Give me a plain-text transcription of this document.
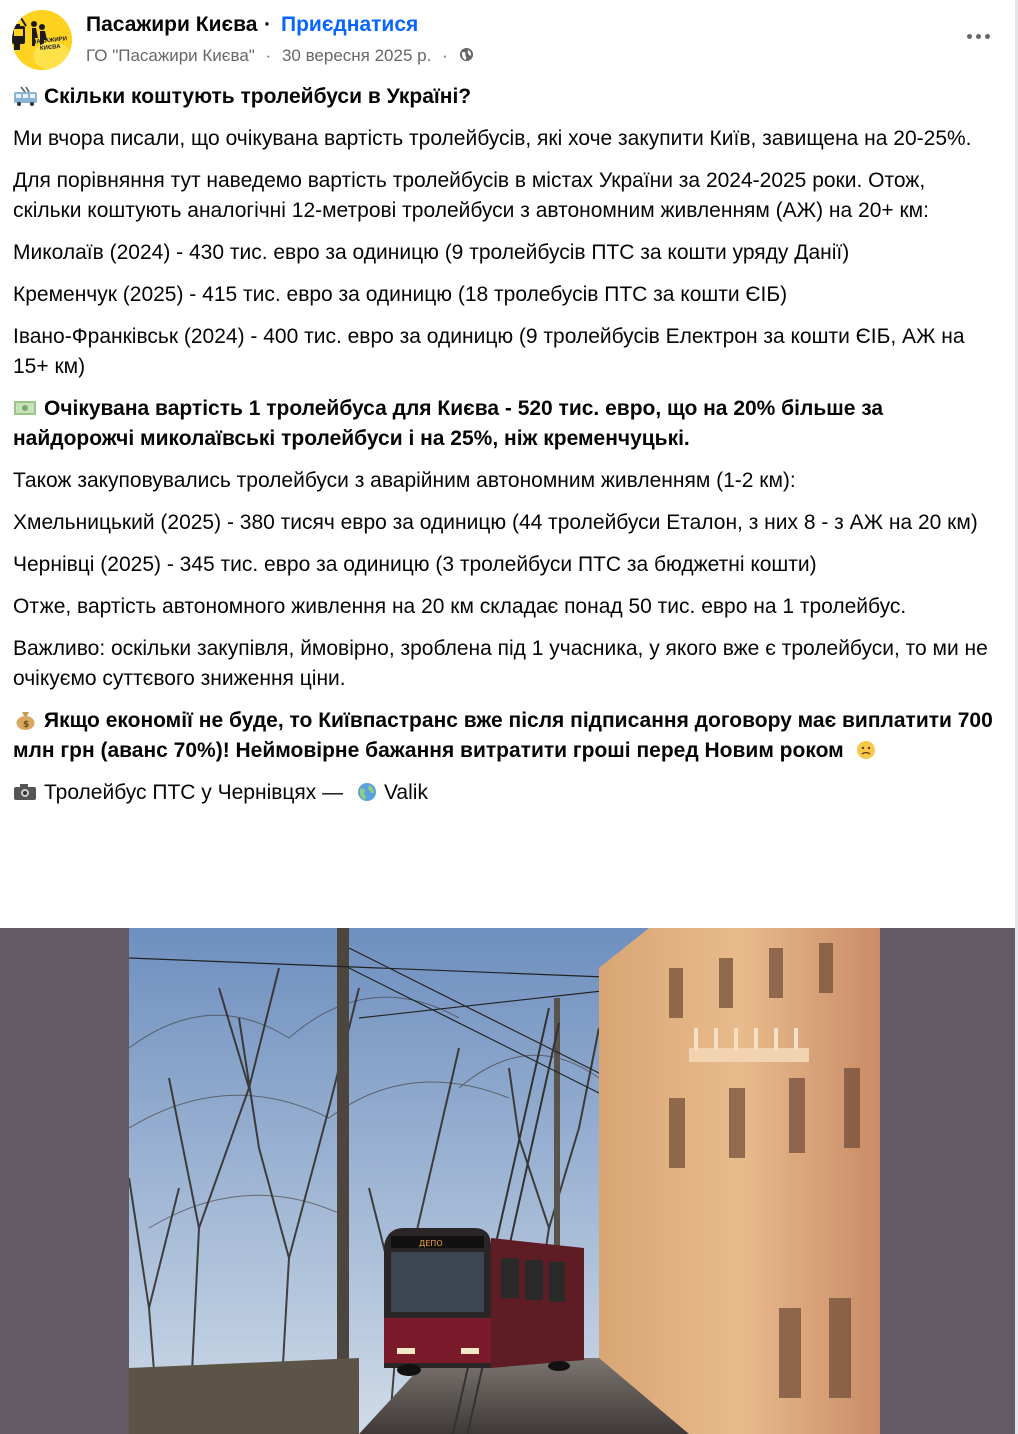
ПАСАЖИРИ КИЄВА
Пасажири Києва · Приєднатися
ГО "Пасажири Києва" · 30 вересня 2025 р. ·

Скільки коштують тролейбуси в Україні?

Ми вчора писали, що очікувана вартість тролейбусів, які хоче закупити Київ, завищена на 20-25%.

Для порівняння тут наведемо вартість тролейбусів в містах України за 2024-2025 роки. Отож, скільки коштують аналогічні 12-метрові тролейбуси з автономним живленням (АЖ) на 20+ км:

Миколаїв (2024) - 430 тис. евро за одиницю (9 тролейбусів ПТС за кошти уряду Данії)

Кременчук (2025) - 415 тис. евро за одиницю (18 тролебусів ПТС за кошти ЄІБ)

Івано-Франківськ (2024) - 400 тис. евро за одиницю (9 тролейбусів Електрон за кошти ЄІБ, АЖ на 15+ км)

Очікувана вартість 1 тролейбуса для Києва - 520 тис. евро, що на 20% більше за найдорожчі миколаївські тролейбуси і на 25%, ніж кременчуцькі.

Також закуповувались тролейбуси з аварійним автономним живленням (1-2 км):

Хмельницький (2025) - 380 тисяч евро за одиницю (44 тролейбуси Еталон, з них 8 - з АЖ на 20 км)

Чернівці (2025) - 345 тис. евро за одиницю (3 тролейбуси ПТС за бюджетні кошти)

Отже, вартість автономного живлення на 20 км складає понад 50 тис. евро на 1 тролейбус.

Важливо: оскільки закупівля, ймовірно, зроблена під 1 учасника, у якого вже є тролейбуси, то ми не очікуємо суттєвого зниження ціни.

$ Якщо економії не буде, то Київпастранс вже після підписання договору має виплатити 700 млн грн (аванс 70%)! Неймовірне бажання витратити гроші перед Новим роком

Тролейбус ПТС у Чернівцях — Valik

ДЕПО
